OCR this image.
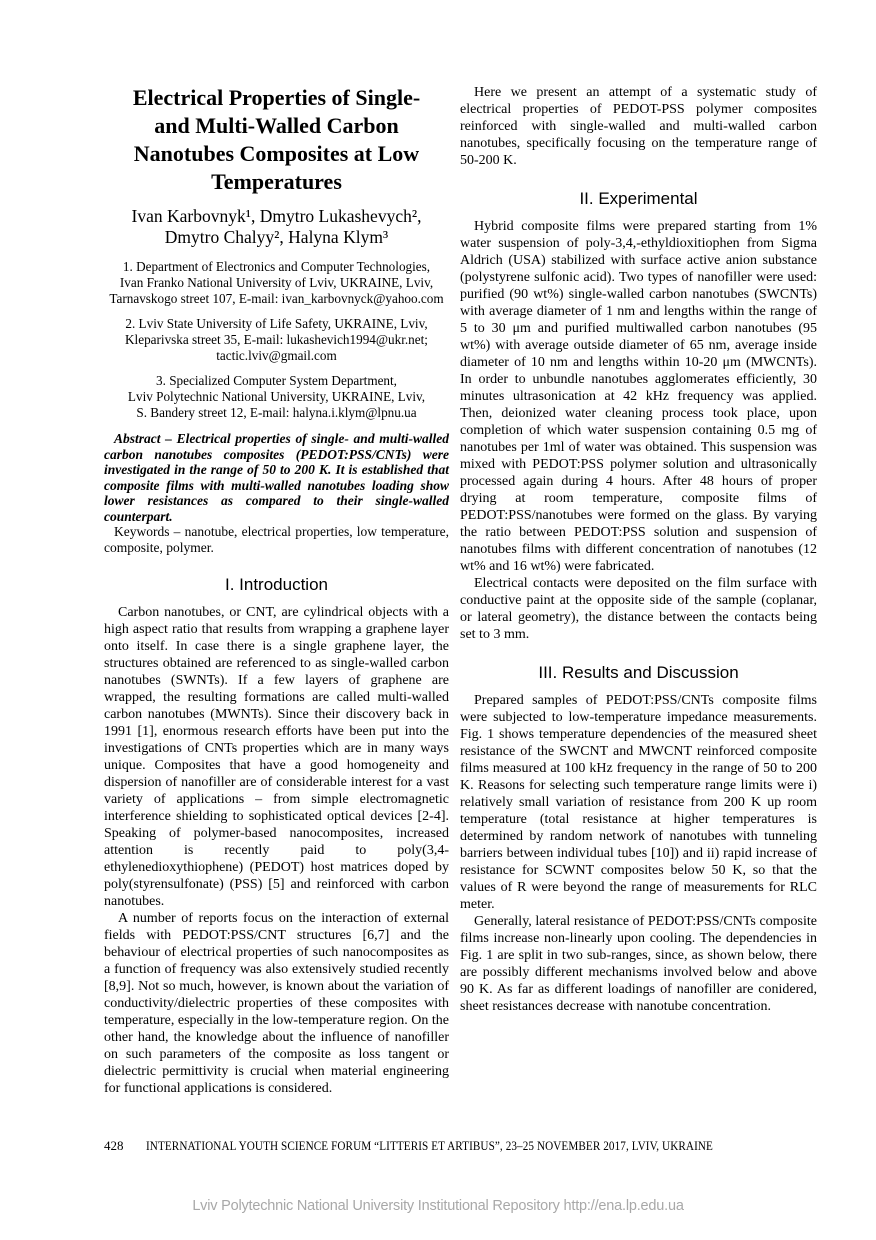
Electrical Properties of Single-
and Multi-Walled Carbon
Nanotubes Composites at Low
Temperatures
Ivan Karbovnyk¹, Dmytro Lukashevych²,
Dmytro Chalyy², Halyna Klym³
1. Department of Electronics and Computer Technologies,
Ivan Franko National University of Lviv, UKRAINE, Lviv,
Tarnavskogo street 107, E-mail: ivan_karbovnyck@yahoo.com
2. Lviv State University of Life Safety, UKRAINE, Lviv,
Kleparivska street 35, E-mail: lukashevich1994@ukr.net;
tactic.lviv@gmail.com
3. Specialized Computer System Department,
Lviv Polytechnic National University, UKRAINE, Lviv,
S. Bandery street 12, E-mail: halyna.i.klym@lpnu.ua

Abstract – Electrical properties of single- and multi-walled carbon nanotubes composites (PEDOT:PSS/CNTs) were investigated in the range of 50 to 200 K. It is established that composite films with multi-walled nanotubes loading show lower resistances as compared to their single-walled counterpart.

Keywords – nanotube, electrical properties, low temperature, composite, polymer.

I. Introduction

Carbon nanotubes, or CNT, are cylindrical objects with a high aspect ratio that results from wrapping a graphene layer onto itself. In case there is a single graphene layer, the structures obtained are referenced to as single-walled carbon nanotubes (SWNTs). If a few layers of graphene are wrapped, the resulting formations are called multi-walled carbon nanotubes (MWNTs). Since their discovery back in 1991 [1], enormous research efforts have been put into the investigations of CNTs properties which are in many ways unique. Composites that have a good homogeneity and dispersion of nanofiller are of considerable interest for a vast variety of applications – from simple electromagnetic interference shielding to sophisticated optical devices [2-4]. Speaking of polymer-based nanocomposites, increased attention is recently paid to poly(3,4-ethylenedioxythiophene) (PEDOT) host matrices doped by poly(styrensulfonate) (PSS) [5] and reinforced with carbon nanotubes.

A number of reports focus on the interaction of external fields with PEDOT:PSS/CNT structures [6,7] and the behaviour of electrical properties of such nanocomposites as a function of frequency was also extensively studied recently [8,9]. Not so much, however, is known about the variation of conductivity/dielectric properties of these composites with temperature, especially in the low-temperature region. On the other hand, the knowledge about the influence of nanofiller on such parameters of the composite as loss tangent or dielectric permittivity is crucial when material engineering for functional applications is considered.

Here we present an attempt of a systematic study of electrical properties of PEDOT-PSS polymer composites reinforced with single-walled and multi-walled carbon nanotubes, specifically focusing on the temperature range of 50-200 K.

II. Experimental

Hybrid composite films were prepared starting from 1% water suspension of poly-3,4,-ethyldioxitiophen from Sigma Aldrich (USA) stabilized with surface active anion substance (polystyrene sulfonic acid). Two types of nanofiller were used: purified (90 wt%) single-walled carbon nanotubes (SWCNTs) with average diameter of 1 nm and lengths within the range of 5 to 30 μm and purified multiwalled carbon nanotubes (95 wt%) with average outside diameter of 65 nm, average inside diameter of 10 nm and lengths within 10-20 μm (MWCNTs). In order to unbundle nanotubes agglomerates efficiently, 30 minutes ultrasonication at 42 kHz frequency was applied. Then, deionized water cleaning process took place, upon completion of which water suspension containing 0.5 mg of nanotubes per 1ml of water was obtained. This suspension was mixed with PEDOT:PSS polymer solution and ultrasonically processed again during 4 hours. After 48 hours of proper drying at room temperature, composite films of PEDOT:PSS/nanotubes were formed on the glass. By varying the ratio between PEDOT:PSS solution and suspension of nanotubes films with different concentration of nanotubes (12 wt% and 16 wt%) were fabricated.

Electrical contacts were deposited on the film surface with conductive paint at the opposite side of the sample (coplanar, or lateral geometry), the distance between the contacts being set to 3 mm.

III. Results and Discussion

Prepared samples of PEDOT:PSS/CNTs composite films were subjected to low-temperature impedance measurements. Fig. 1 shows temperature dependencies of the measured sheet resistance of the SWCNT and MWCNT reinforced composite films measured at 100 kHz frequency in the range of 50 to 200 K. Reasons for selecting such temperature range limits were i) relatively small variation of resistance from 200 K up room temperature (total resistance at higher temperatures is determined by random network of nanotubes with tunneling barriers between individual tubes [10]) and ii) rapid increase of resistance for SCWNT composites below 50 K, so that the values of R were beyond the range of measurements for RLC meter.

Generally, lateral resistance of PEDOT:PSS/CNTs composite films increase non-linearly upon cooling. The dependencies in Fig. 1 are split in two sub-ranges, since, as shown below, there are possibly different mechanisms involved below and above 90 K. As far as different loadings of nanofiller are conidered, sheet resistances decrease with nanotube concentration.

428 INTERNATIONAL YOUTH SCIENCE FORUM “LITTERIS ET ARTIBUS”, 23–25 NOVEMBER 2017, LVIV, UKRAINE
Lviv Polytechnic National University Institutional Repository http://ena.lp.edu.ua
